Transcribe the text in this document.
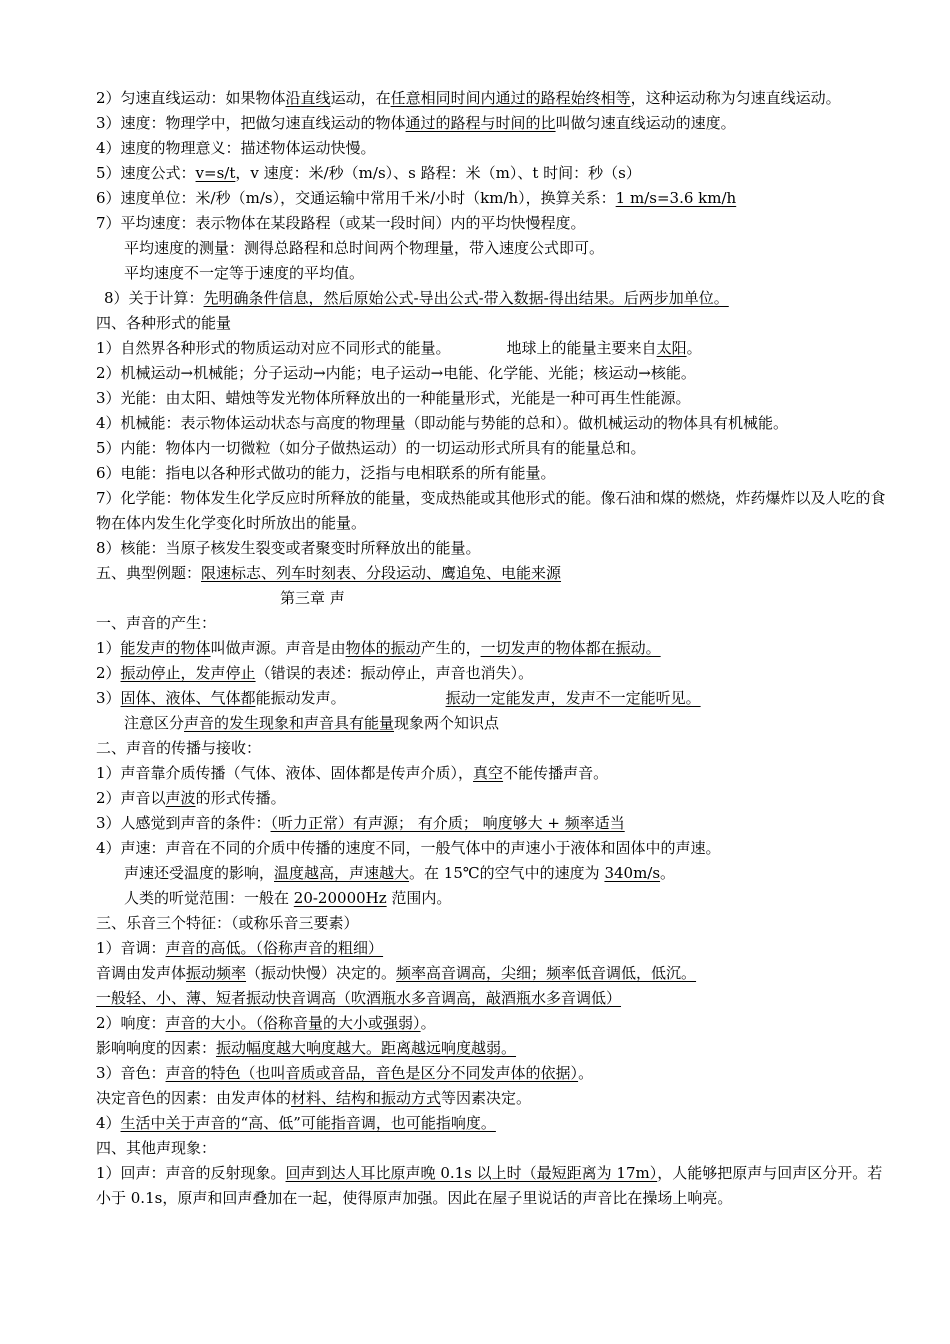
2）匀速直线运动：如果物体沿直线运动，在任意相同时间内通过的路程始终相等，这种运动称为匀速直线运动。
3）速度：物理学中，把做匀速直线运动的物体通过的路程与时间的比叫做匀速直线运动的速度。
4）速度的物理意义：描述物体运动快慢。
5）速度公式：v=s/t，v 速度：米/秒（m/s）、s 路程：米（m）、t 时间：秒（s）
6）速度单位：米/秒（m/s），交通运输中常用千米/小时（km/h），换算关系：1 m/s=3.6 km/h
7）平均速度：表示物体在某段路程（或某一段时间）内的平均快慢程度。
平均速度的测量：测得总路程和总时间两个物理量，带入速度公式即可。
平均速度不一定等于速度的平均值。
8）关于计算：先明确条件信息，然后原始公式-导出公式-带入数据-得出结果。后两步加单位。
四、各种形式的能量
1）自然界各种形式的物质运动对应不同形式的能量。	地球上的能量主要来自太阳。
2）机械运动→机械能；分子运动→内能；电子运动→电能、化学能、光能；核运动→核能。
3）光能：由太阳、蜡烛等发光物体所释放出的一种能量形式，光能是一种可再生性能源。
4）机械能：表示物体运动状态与高度的物理量（即动能与势能的总和）。做机械运动的物体具有机械能。
5）内能：物体内一切微粒（如分子做热运动）的一切运动形式所具有的能量总和。
6）电能：指电以各种形式做功的能力，泛指与电相联系的所有能量。
7）化学能：物体发生化学反应时所释放的能量，变成热能或其他形式的能。像石油和煤的燃烧，炸药爆炸以及人吃的食物在体内发生化学变化时所放出的能量。
8）核能：当原子核发生裂变或者聚变时所释放出的能量。
五、典型例题：限速标志、列车时刻表、分段运动、鹰追兔、电能来源
第三章 声
一、声音的产生：
1）能发声的物体叫做声源。声音是由物体的振动产生的，一切发声的物体都在振动。
2）振动停止，发声停止（错误的表述：振动停止，声音也消失）。
3）固体、液体、气体都能振动发声。	振动一定能发声，发声不一定能听见。
注意区分声音的发生现象和声音具有能量现象两个知识点
二、声音的传播与接收：
1）声音靠介质传播（气体、液体、固体都是传声介质），真空不能传播声音。
2）声音以声波的形式传播。
3）人感觉到声音的条件：（听力正常）有声源； 有介质； 响度够大 + 频率适当
4）声速：声音在不同的介质中传播的速度不同，一般气体中的声速小于液体和固体中的声速。
声速还受温度的影响，温度越高，声速越大。在 15℃的空气中的速度为 340m/s。
人类的听觉范围：一般在 20-20000Hz 范围内。
三、乐音三个特征：（或称乐音三要素）
1）音调：声音的高低。（俗称声音的粗细）
音调由发声体振动频率（振动快慢）决定的。频率高音调高，尖细；频率低音调低，低沉。
一般轻、小、薄、短者振动快音调高（吹酒瓶水多音调高，敲酒瓶水多音调低）
2）响度：声音的大小。（俗称音量的大小或强弱）。
影响响度的因素：振动幅度越大响度越大。距离越远响度越弱。
3）音色：声音的特色（也叫音质或音品，音色是区分不同发声体的依据）。
决定音色的因素：由发声体的材料、结构和振动方式等因素决定。
4）生活中关于声音的“高、低”可能指音调，也可能指响度。
四、其他声现象：
1）回声：声音的反射现象。回声到达人耳比原声晚 0.1s 以上时（最短距离为 17m），人能够把原声与回声区分开。若小于 0.1s，原声和回声叠加在一起，使得原声加强。因此在屋子里说话的声音比在操场上响亮。
